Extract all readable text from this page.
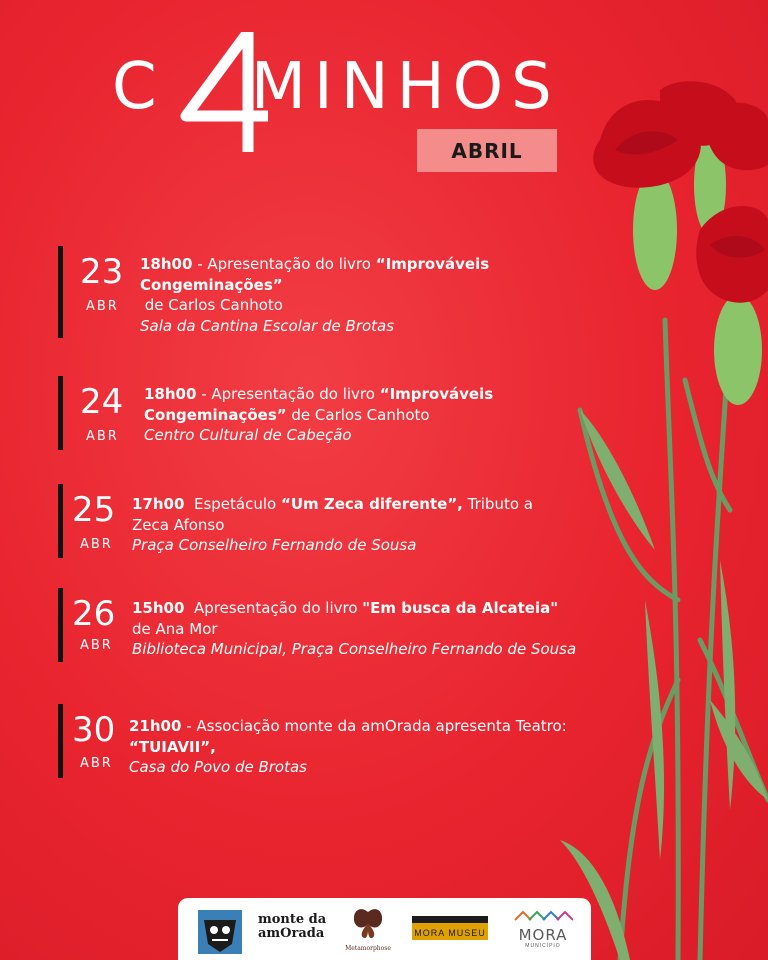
C MINHOS
ABRIL
23
ABR
18h00 - Apresentação do livro “Improváveis
Congeminações”
de Carlos Canhoto
Sala da Cantina Escolar de Brotas
24
ABR
18h00 - Apresentação do livro “Improváveis
Congeminações” de Carlos Canhoto
Centro Cultural de Cabeção
25
ABR
17h00  Espetáculo “Um Zeca diferente”, Tributo a
Zeca Afonso
Praça Conselheiro Fernando de Sousa
26
ABR
15h00  Apresentação do livro "Em busca da Alcateia"
de Ana Mor
Biblioteca Municipal, Praça Conselheiro Fernando de Sousa
30
ABR
21h00 - Associação monte da amOrada apresenta Teatro:
“TUIAVII”,
Casa do Povo de Brotas
monte da
amOrada
Metamorphose
MORA MUSEU	MORA
MUNICÍPIO
